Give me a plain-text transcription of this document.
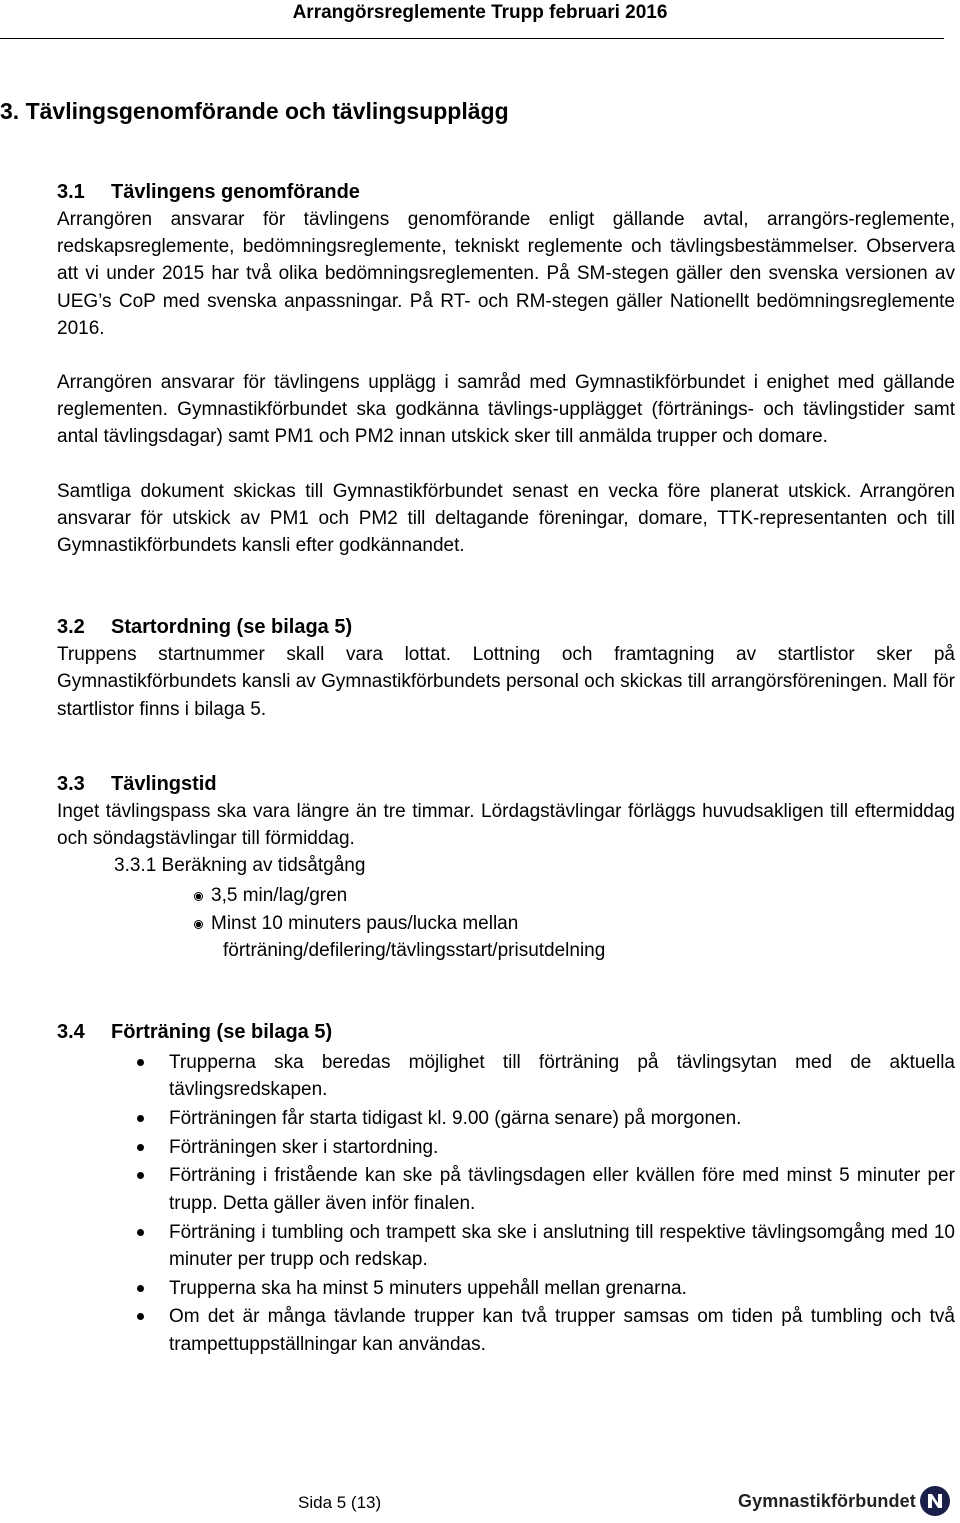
Arrangörsreglemente Trupp februari 2016
3. Tävlingsgenomförande och tävlingsupplägg
3.1	Tävlingens genomförande

Arrangören ansvarar för tävlingens genomförande enligt gällande avtal, arrangörs-reglemente, redskapsreglemente, bedömningsreglemente, tekniskt reglemente och tävlingsbestämmelser. Observera att vi under 2015 har två olika bedömningsreglementen. På SM-stegen gäller den svenska versionen av UEG’s CoP med svenska anpassningar. På RT- och RM-stegen gäller Nationellt bedömningsreglemente 2016.

Arrangören ansvarar för tävlingens upplägg i samråd med Gymnastikförbundet i enighet med gällande reglementen. Gymnastikförbundet ska godkänna tävlings-upplägget (förtränings- och tävlingstider samt antal tävlingsdagar) samt PM1 och PM2 innan utskick sker till anmälda trupper och domare.

Samtliga dokument skickas till Gymnastikförbundet senast en vecka före planerat utskick. Arrangören ansvarar för utskick av PM1 och PM2 till deltagande föreningar, domare, TTK-representanten och till Gymnastikförbundets kansli efter godkännandet.

3.2	Startordning (se bilaga 5)

Truppens startnummer skall vara lottat. Lottning och framtagning av startlistor sker på Gymnastikförbundets kansli av Gymnastikförbundets personal och skickas till arrangörsföreningen. Mall för startlistor finns i bilaga 5.

3.3	Tävlingstid

Inget tävlingspass ska vara längre än tre timmar. Lördagstävlingar förläggs huvudsakligen till eftermiddag och söndagstävlingar till förmiddag.

3.3.1 Beräkning av tidsåtgång
3,5 min/lag/gren
Minst 10 minuters paus/lucka mellan
förträning/defilering/tävlingsstart/prisutdelning
3.4	Förträning (se bilaga 5)
Trupperna ska beredas möjlighet till förträning på tävlingsytan med de aktuella tävlingsredskapen.
Förträningen får starta tidigast kl. 9.00 (gärna senare) på morgonen.
Förträningen sker i startordning.
Förträning i fristående kan ske på tävlingsdagen eller kvällen före med minst 5 minuter per trupp. Detta gäller även inför finalen.
Förträning i tumbling och trampett ska ske i anslutning till respektive tävlingsomgång med 10 minuter per trupp och redskap.
Trupperna ska ha minst 5 minuters uppehåll mellan grenarna.
Om det är många tävlande trupper kan två trupper samsas om tiden på tumbling och två trampettuppställningar kan användas.
Sida 5 (13)	Gymnastikförbundet
